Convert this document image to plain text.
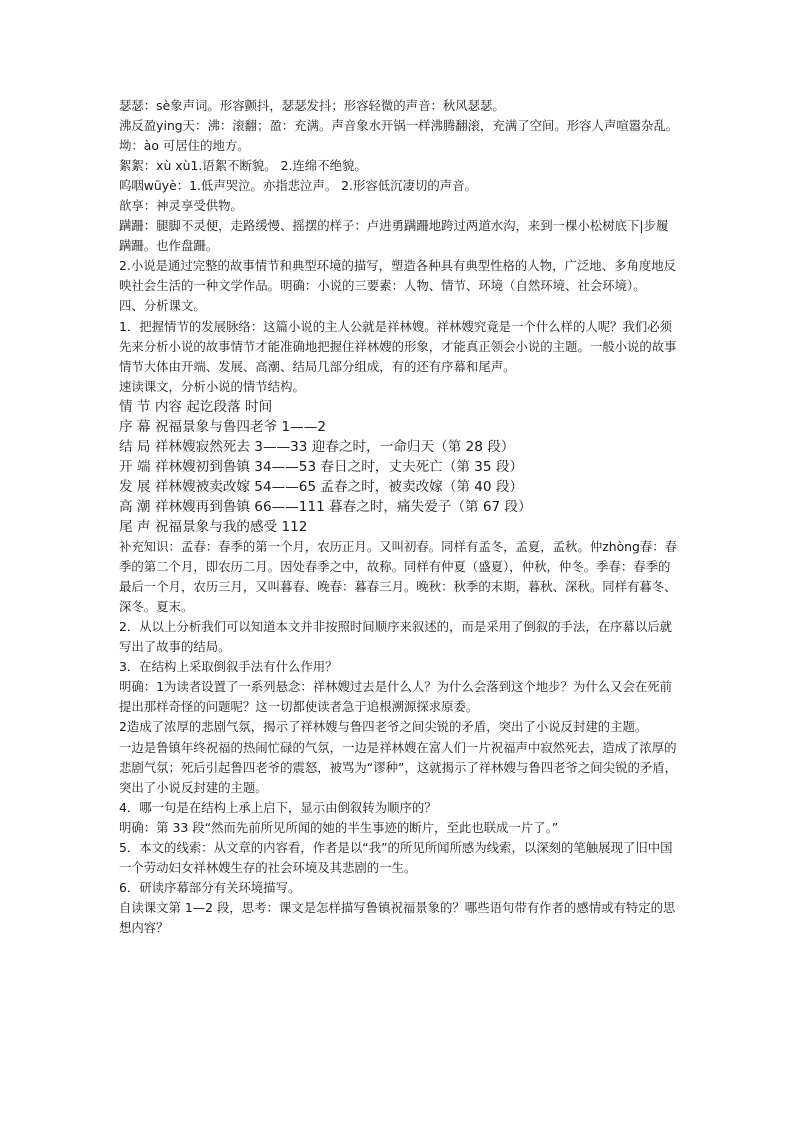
瑟瑟：sè象声词。形容颤抖，瑟瑟发抖；形容轻微的声音：秋风瑟瑟。

沸反盈ying天：沸：滚翻；盈：充满。声音象水开锅一样沸腾翻滚，充满了空间。形容人声喧嚣杂乱。

坳：ào 可居住的地方。

絮絮：xù xù1.语絮不断貌。 2.连绵不绝貌。

呜咽wūyè：1.低声哭泣。亦指悲泣声。 2.形容低沉凄切的声音。

歆享：神灵享受供物。

蹒跚：腿脚不灵便，走路缓慢、摇摆的样子：卢进勇蹒跚地跨过两道水沟，来到一棵小松树底下|步履蹒跚。也作盘跚。

2.小说是通过完整的故事情节和典型环境的描写，塑造各种具有典型性格的人物，广泛地、多角度地反映社会生活的一种文学作品。明确：小说的三要素：人物、情节、环境（自然环境、社会环境）。

四、分析课文。

1．把握情节的发展脉络：这篇小说的主人公就是祥林嫂。祥林嫂究竟是一个什么样的人呢？我们必须先来分析小说的故事情节才能准确地把握住祥林嫂的形象，才能真正领会小说的主题。一般小说的故事情节大体由开端、发展、高潮、结局几部分组成，有的还有序幕和尾声。

速读课文，分析小说的情节结构。

情 节 内容 起讫段落 时间

序 幕 祝福景象与鲁四老爷 1——2

结 局 祥林嫂寂然死去 3——33 迎春之时，一命归天（第 28 段）

开 端 祥林嫂初到鲁镇 34——53 春日之时，丈夫死亡（第 35 段）

发 展 祥林嫂被卖改嫁 54——65 孟春之时，被卖改嫁（第 40 段）

高 潮 祥林嫂再到鲁镇 66——111 暮春之时，痛失爱子（第 67 段）

尾 声 祝福景象与我的感受 112

补充知识：孟春：春季的第一个月，农历正月。又叫初春。同样有孟冬，孟夏，孟秋。仲zhòng春：春季的第二个月，即农历二月。因处春季之中，故称。同样有仲夏（盛夏），仲秋，仲冬。季春：春季的最后一个月，农历三月，又叫暮春、晚春：暮春三月。晚秋：秋季的末期，暮秋、深秋。同样有暮冬、深冬。夏末。

2．从以上分析我们可以知道本文并非按照时间顺序来叙述的，而是采用了倒叙的手法，在序幕以后就写出了故事的结局。

3．在结构上采取倒叙手法有什么作用？

明确：1为读者设置了一系列悬念：祥林嫂过去是什么人？为什么会落到这个地步？为什么又会在死前提出那样奇怪的问题呢？这一切都使读者急于追根溯源探求原委。

2造成了浓厚的悲剧气氛，揭示了祥林嫂与鲁四老爷之间尖锐的矛盾，突出了小说反封建的主题。

一边是鲁镇年终祝福的热闹忙碌的气氛，一边是祥林嫂在富人们一片祝福声中寂然死去，造成了浓厚的悲剧气氛；死后引起鲁四老爷的震怒，被骂为“谬种”，这就揭示了祥林嫂与鲁四老爷之间尖锐的矛盾，突出了小说反封建的主题。

4．哪一句是在结构上承上启下，显示由倒叙转为顺序的？

明确：第 33 段“然而先前所见所闻的她的半生事迹的断片，至此也联成一片了。”

5．本文的线索：从文章的内容看，作者是以“我”的所见所闻所感为线索，以深刻的笔触展现了旧中国一个劳动妇女祥林嫂生存的社会环境及其悲剧的一生。

6．研读序幕部分有关环境描写。

自读课文第 1—2 段，思考：课文是怎样描写鲁镇祝福景象的？哪些语句带有作者的感情或有特定的思想内容？
